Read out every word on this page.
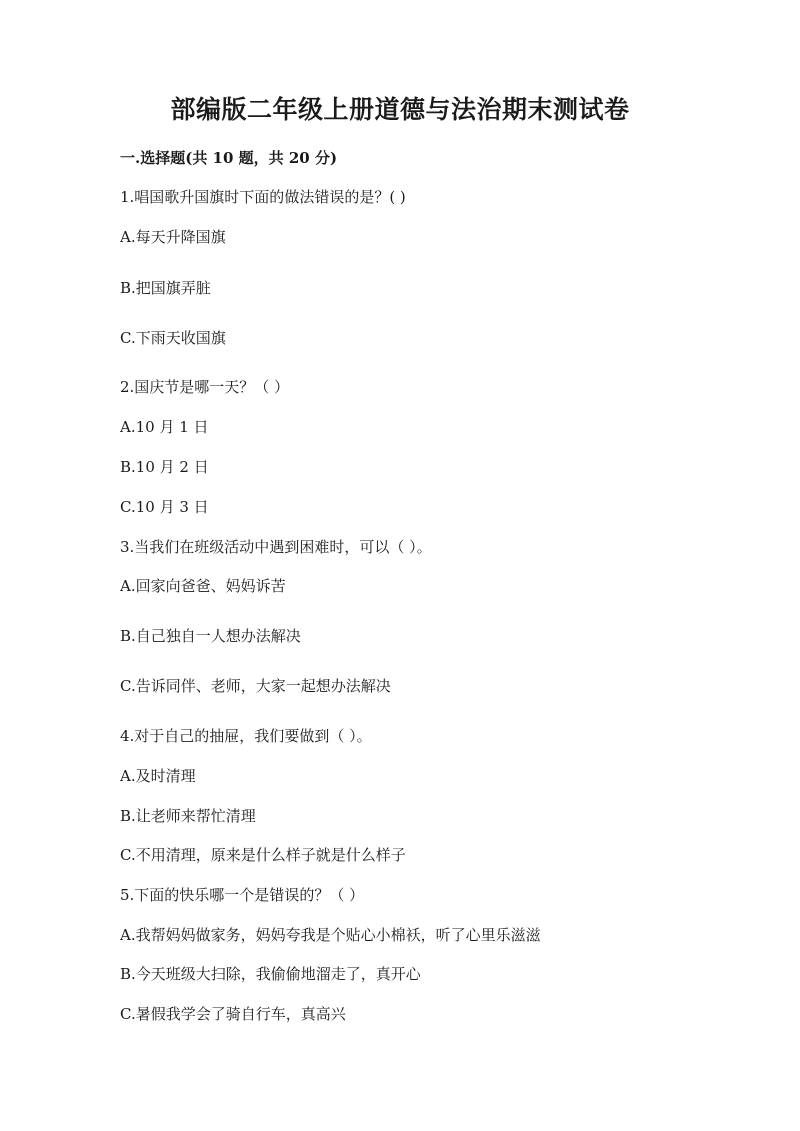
部编版二年级上册道德与法治期末测试卷
一.选择题(共 10 题，共 20 分)
1.唱国歌升国旗时下面的做法错误的是？( )
A.每天升降国旗
B.把国旗弄脏
C.下雨天收国旗
2.国庆节是哪一天？（ ）
A.10 月 1 日
B.10 月 2 日
C.10 月 3 日
3.当我们在班级活动中遇到困难时，可以（ ）。
A.回家向爸爸、妈妈诉苦
B.自己独自一人想办法解决
C.告诉同伴、老师，大家一起想办法解决
4.对于自己的抽屉，我们要做到（ ）。
A.及时清理
B.让老师来帮忙清理
C.不用清理，原来是什么样子就是什么样子
5.下面的快乐哪一个是错误的？（ ）
A.我帮妈妈做家务，妈妈夸我是个贴心小棉袄，听了心里乐滋滋
B.今天班级大扫除，我偷偷地溜走了，真开心
C.暑假我学会了骑自行车，真高兴
